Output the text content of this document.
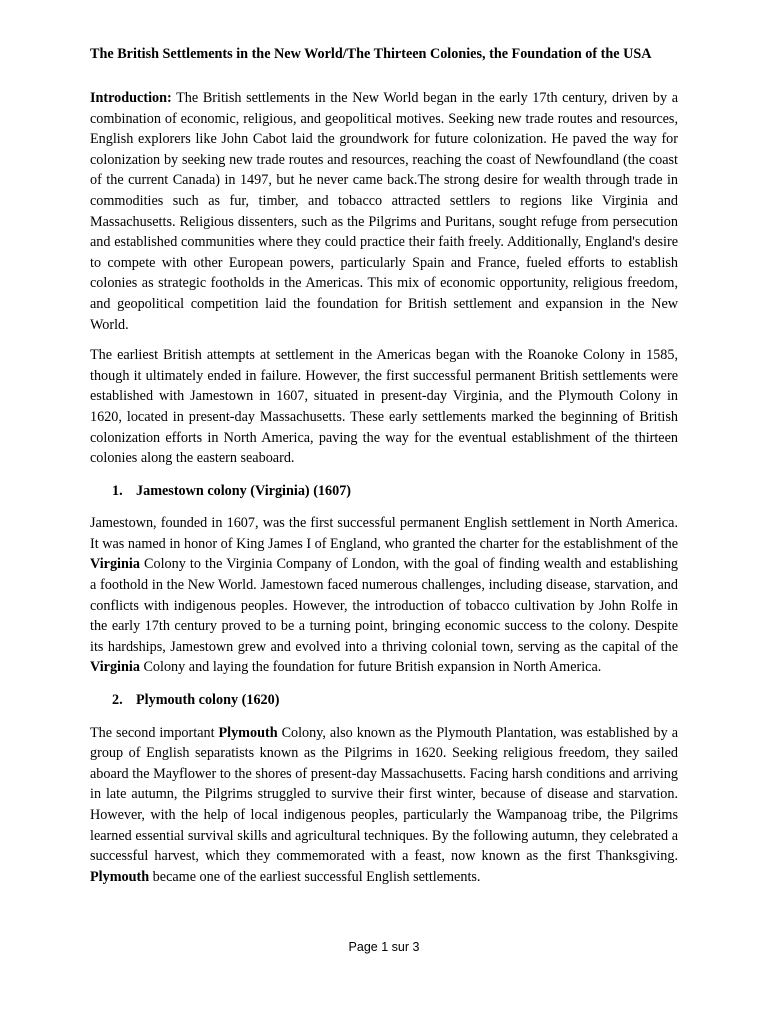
The British Settlements in the New World/The Thirteen Colonies, the Foundation of the USA

Introduction: The British settlements in the New World began in the early 17th century, driven by a combination of economic, religious, and geopolitical motives. Seeking new trade routes and resources, English explorers like John Cabot laid the groundwork for future colonization. He paved the way for colonization by seeking new trade routes and resources, reaching the coast of Newfoundland (the coast of the current Canada) in 1497, but he never came back.The strong desire for wealth through trade in commodities such as fur, timber, and tobacco attracted settlers to regions like Virginia and Massachusetts. Religious dissenters, such as the Pilgrims and Puritans, sought refuge from persecution and established communities where they could practice their faith freely. Additionally, England's desire to compete with other European powers, particularly Spain and France, fueled efforts to establish colonies as strategic footholds in the Americas. This mix of economic opportunity, religious freedom, and geopolitical competition laid the foundation for British settlement and expansion in the New World.

The earliest British attempts at settlement in the Americas began with the Roanoke Colony in 1585, though it ultimately ended in failure. However, the first successful permanent British settlements were established with Jamestown in 1607, situated in present-day Virginia, and the Plymouth Colony in 1620, located in present-day Massachusetts. These early settlements marked the beginning of British colonization efforts in North America, paving the way for the eventual establishment of the thirteen colonies along the eastern seaboard.

1. Jamestown colony (Virginia) (1607)

Jamestown, founded in 1607, was the first successful permanent English settlement in North America. It was named in honor of King James I of England, who granted the charter for the establishment of the Virginia Colony to the Virginia Company of London, with the goal of finding wealth and establishing a foothold in the New World. Jamestown faced numerous challenges, including disease, starvation, and conflicts with indigenous peoples. However, the introduction of tobacco cultivation by John Rolfe in the early 17th century proved to be a turning point, bringing economic success to the colony. Despite its hardships, Jamestown grew and evolved into a thriving colonial town, serving as the capital of the Virginia Colony and laying the foundation for future British expansion in North America.

2. Plymouth colony (1620)

The second important Plymouth Colony, also known as the Plymouth Plantation, was established by a group of English separatists known as the Pilgrims in 1620. Seeking religious freedom, they sailed aboard the Mayflower to the shores of present-day Massachusetts. Facing harsh conditions and arriving in late autumn, the Pilgrims struggled to survive their first winter, because of disease and starvation. However, with the help of local indigenous peoples, particularly the Wampanoag tribe, the Pilgrims learned essential survival skills and agricultural techniques. By the following autumn, they celebrated a successful harvest, which they commemorated with a feast, now known as the first Thanksgiving. Plymouth became one of the earliest successful English settlements.

Page 1 sur 3
